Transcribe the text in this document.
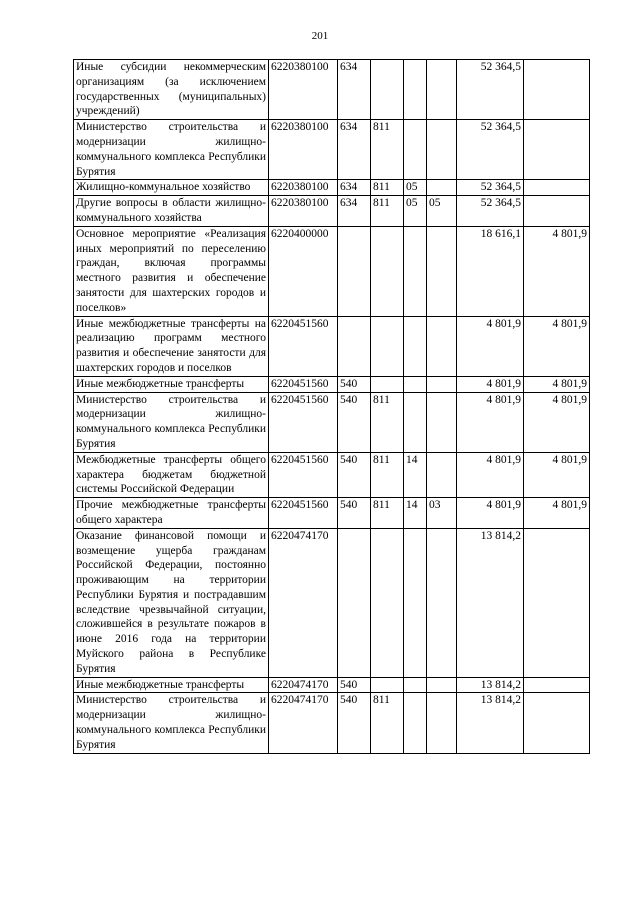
201
Иные субсидии некоммерческим организациям (за исключением государственных (муниципальных) учреждений)	6220380100	634				52 364,5	
Министерство строительства и модернизации жилищно-коммунального комплекса Республики Бурятия	6220380100	634	811			52 364,5	
Жилищно-коммунальное хозяйство	6220380100	634	811	05		52 364,5	
Другие вопросы в области жилищно-коммунального хозяйства	6220380100	634	811	05	05	52 364,5	
Основное мероприятие «Реализация иных мероприятий по переселению граждан, включая программы местного развития и обеспечение занятости для шахтерских городов и поселков»	6220400000					18 616,1	4 801,9
Иные межбюджетные трансферты на реализацию программ местного развития и обеспечение занятости для шахтерских городов и поселков	6220451560					4 801,9	4 801,9
Иные межбюджетные трансферты	6220451560	540				4 801,9	4 801,9
Министерство строительства и модернизации жилищно-коммунального комплекса Республики Бурятия	6220451560	540	811			4 801,9	4 801,9
Межбюджетные трансферты общего характера бюджетам бюджетной системы Российской Федерации	6220451560	540	811	14		4 801,9	4 801,9
Прочие межбюджетные трансферты общего характера	6220451560	540	811	14	03	4 801,9	4 801,9
Оказание финансовой помощи и возмещение ущерба гражданам Российской Федерации, постоянно проживающим на территории Республики Бурятия и пострадавшим вследствие чрезвычайной ситуации, сложившейся в результате пожаров в июне 2016 года на территории Муйского района в Республике Бурятия	6220474170					13 814,2	
Иные межбюджетные трансферты	6220474170	540				13 814,2	
Министерство строительства и модернизации жилищно-коммунального комплекса Республики Бурятия	6220474170	540	811			13 814,2	
